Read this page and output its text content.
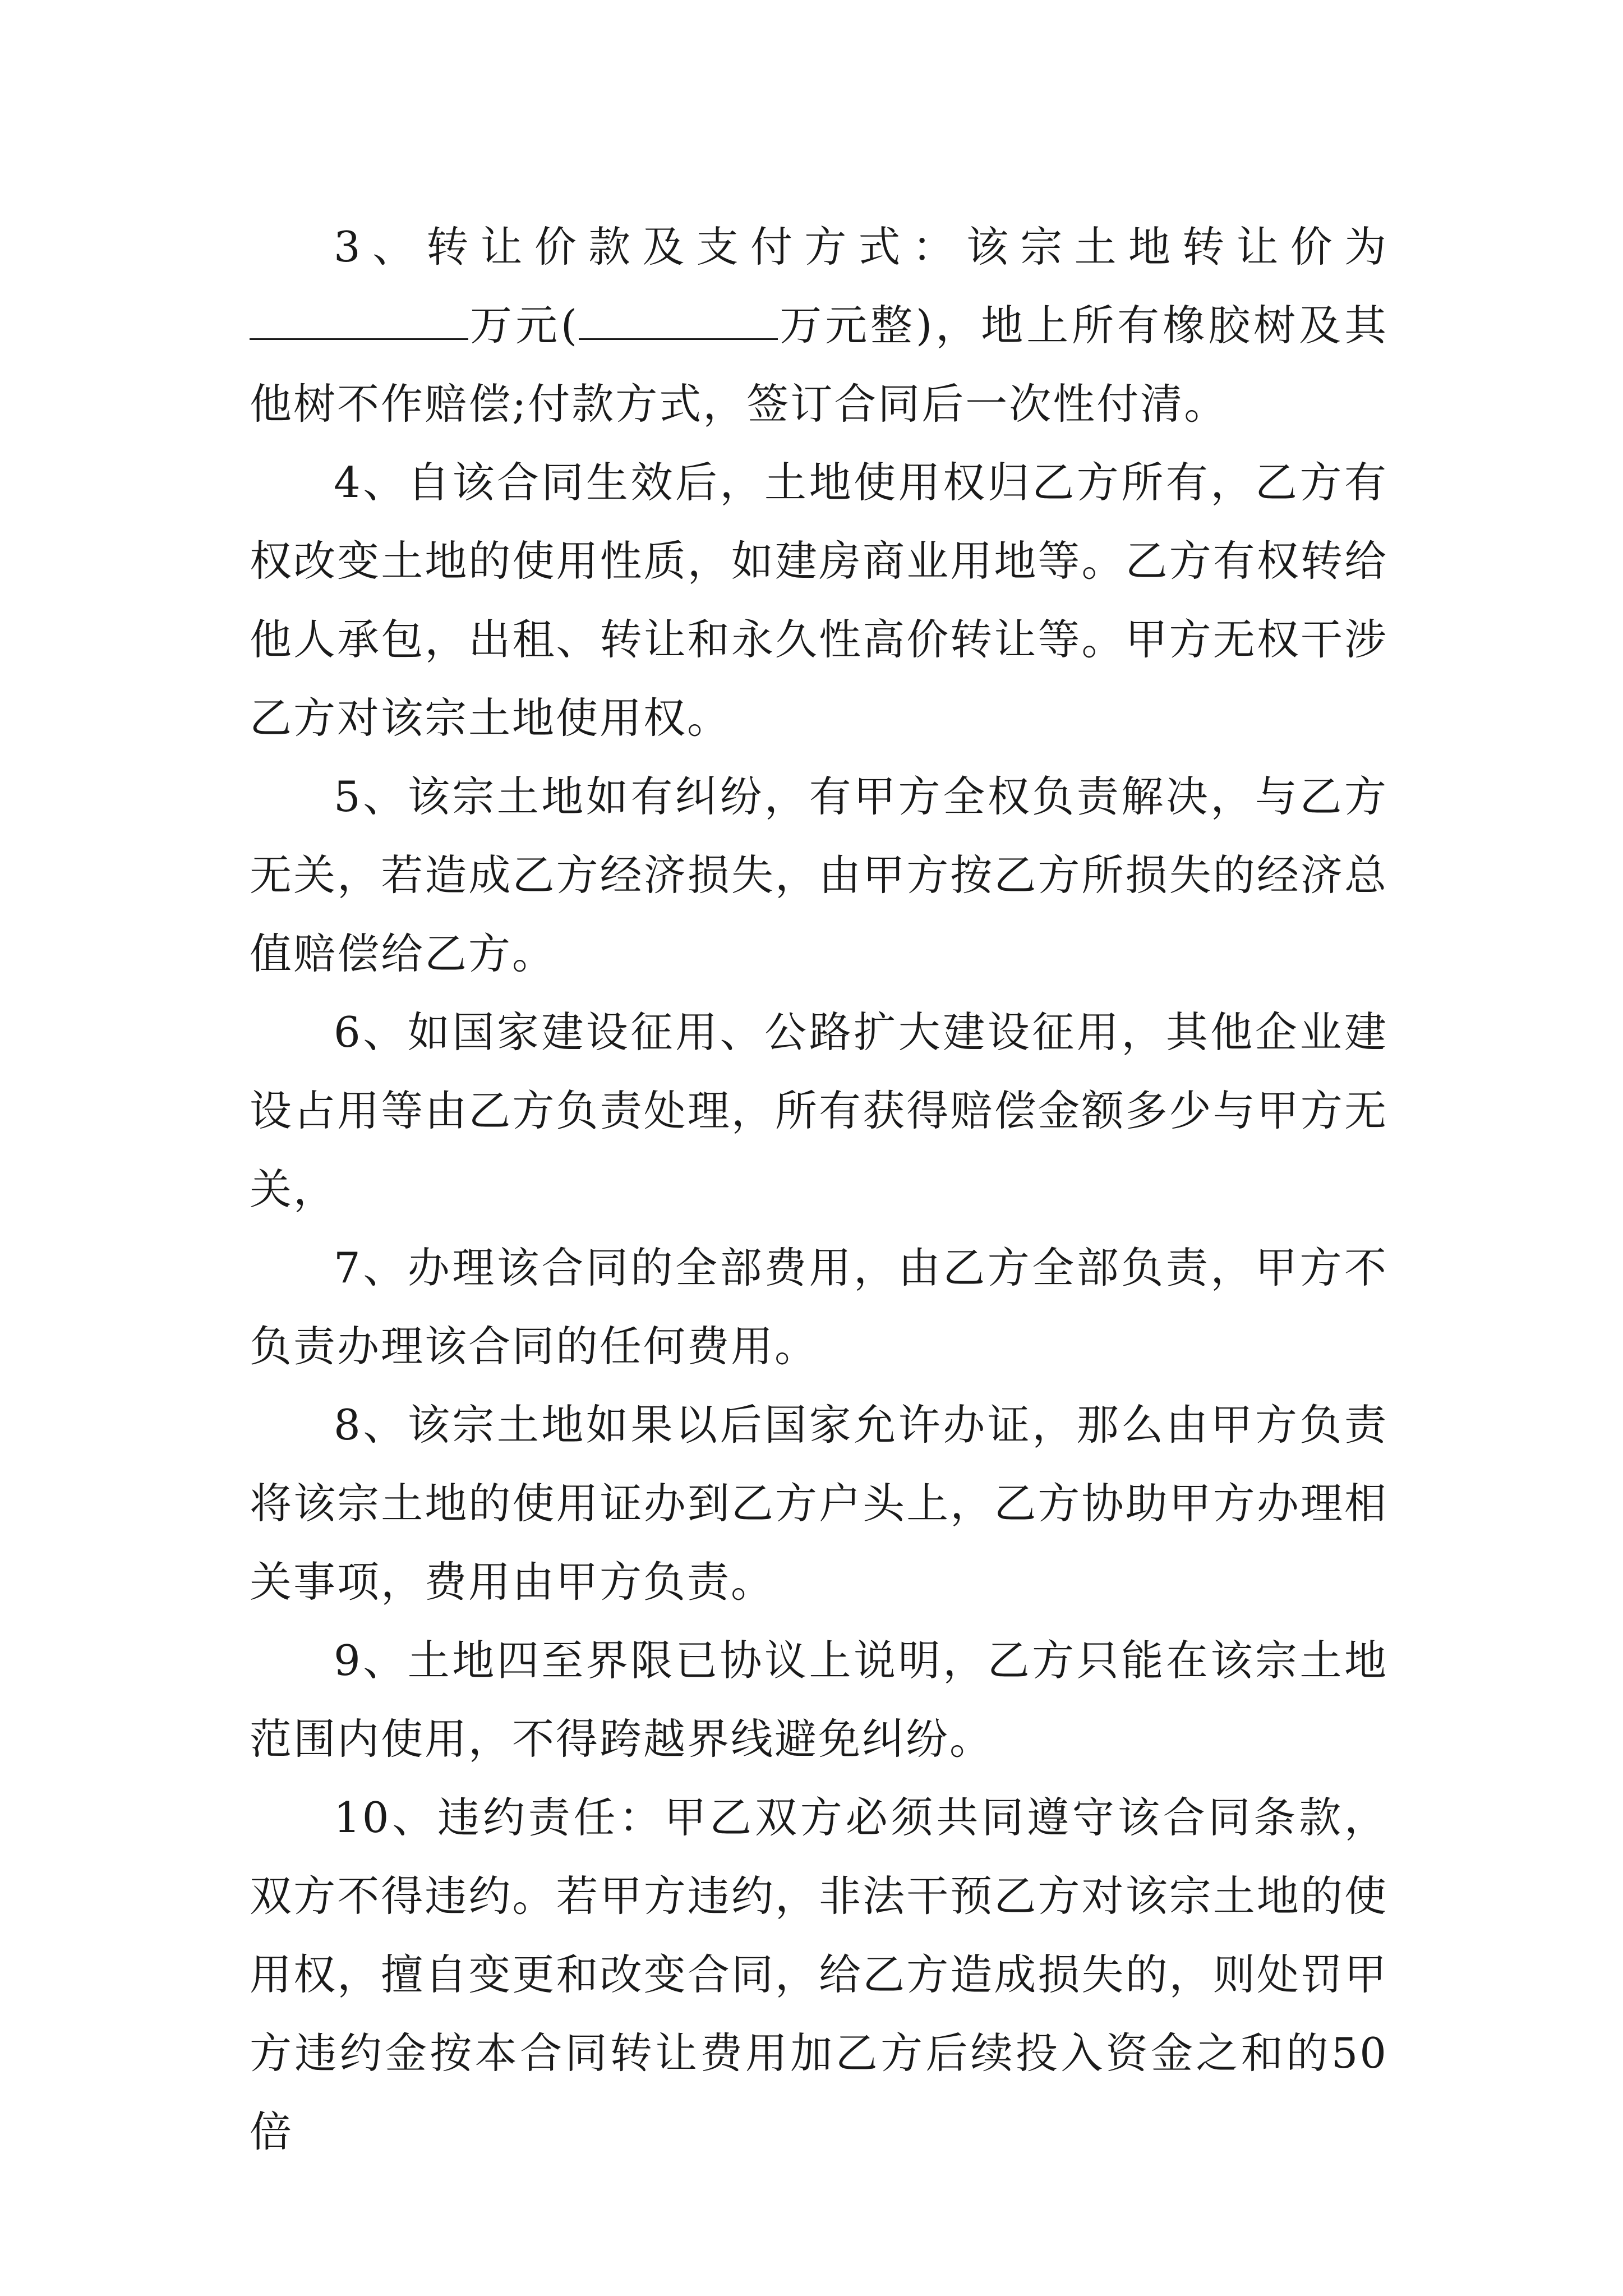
3、转让价款及支付方式：该宗土地转让价为万元(	万元整)，地上所有橡胶树及其他树不作赔偿;付款方式，签订合同后一次性付清。

4、自该合同生效后，土地使用权归乙方所有，乙方有权改变土地的使用性质，如建房商业用地等。乙方有权转给他人承包，出租、转让和永久性高价转让等。甲方无权干涉乙方对该宗土地使用权。

5、该宗土地如有纠纷，有甲方全权负责解决，与乙方无关，若造成乙方经济损失，由甲方按乙方所损失的经济总值赔偿给乙方。

6、如国家建设征用、公路扩大建设征用，其他企业建设占用等由乙方负责处理，所有获得赔偿金额多少与甲方无关，

7、办理该合同的全部费用，由乙方全部负责，甲方不负责办理该合同的任何费用。

8、该宗土地如果以后国家允许办证，那么由甲方负责将该宗土地的使用证办到乙方户头上，乙方协助甲方办理相关事项，费用由甲方负责。

9、土地四至界限已协议上说明，乙方只能在该宗土地范围内使用，不得跨越界线避免纠纷。

10、违约责任：甲乙双方必须共同遵守该合同条款，双方不得违约。若甲方违约，非法干预乙方对该宗土地的使用权，擅自变更和改变合同，给乙方造成损失的，则处罚甲方违约金按本合同转让费用加乙方后续投入资金之和的50倍
